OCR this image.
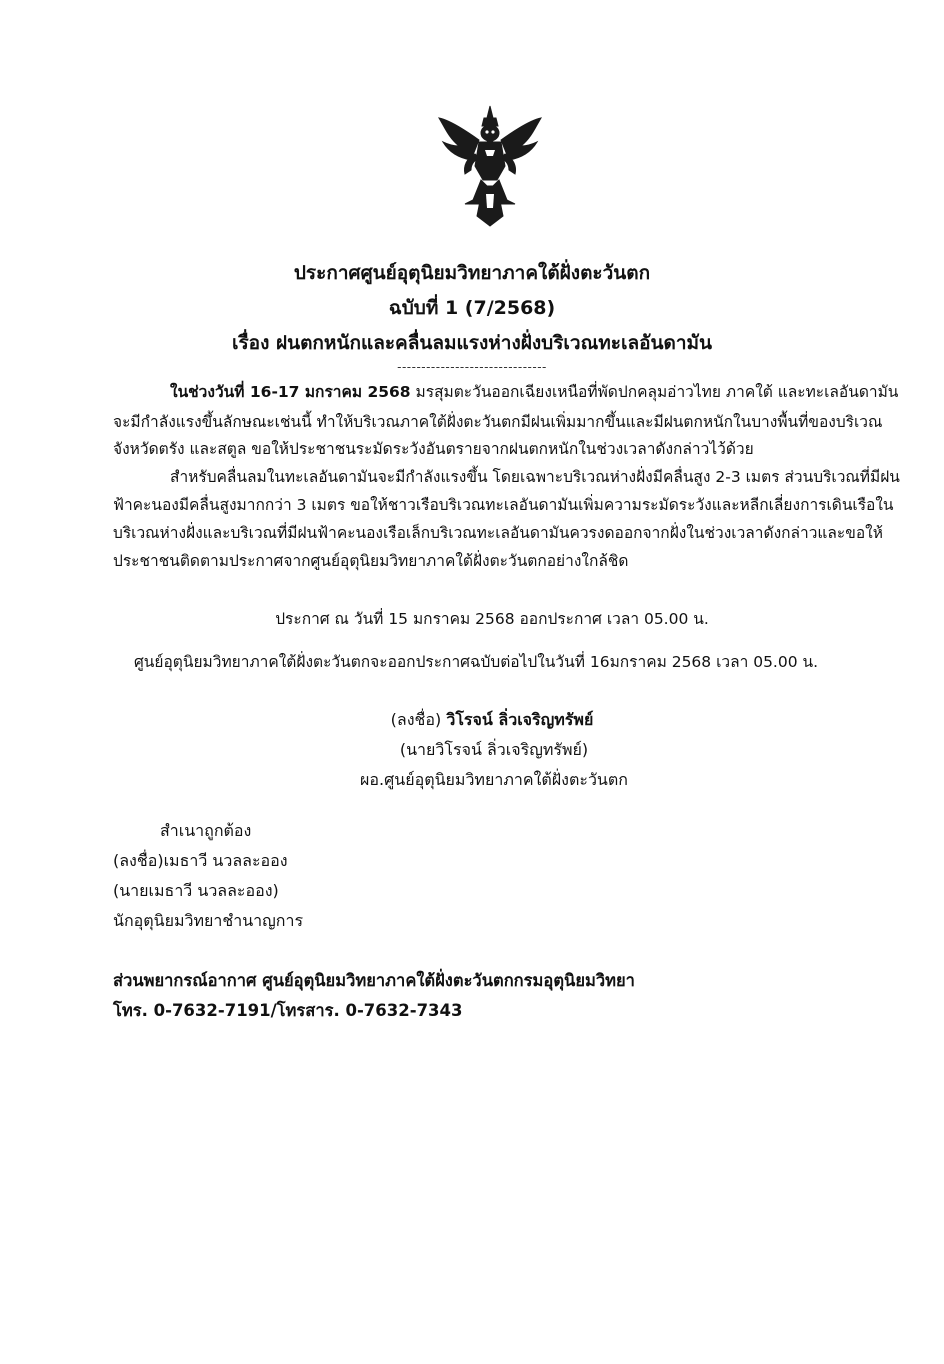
ประกาศศูนย์อุตุนิยมวิทยาภาคใต้ฝั่งตะวันตก
ฉบับที่ 1 (7/2568)
เรื่อง ฝนตกหนักและคลื่นลมแรงห่างฝั่งบริเวณทะเลอันดามัน
-------------------------------
ในช่วงวันที่ 16-17 มกราคม 2568 มรสุมตะวันออกเฉียงเหนือที่พัดปกคลุมอ่าวไทย ภาคใต้ และทะเลอันดามัน
จะมีกำลังแรงขึ้นลักษณะเช่นนี้ ทำให้บริเวณภาคใต้ฝั่งตะวันตกมีฝนเพิ่มมากขึ้นและมีฝนตกหนักในบางพื้นที่ของบริเวณ
จังหวัดตรัง และสตูล ขอให้ประชาชนระมัดระวังอันตรายจากฝนตกหนักในช่วงเวลาดังกล่าวไว้ด้วย
สำหรับคลื่นลมในทะเลอันดามันจะมีกำลังแรงขึ้น โดยเฉพาะบริเวณห่างฝั่งมีคลื่นสูง 2-3 เมตร ส่วนบริเวณที่มีฝน
ฟ้าคะนองมีคลื่นสูงมากกว่า 3 เมตร ขอให้ชาวเรือบริเวณทะเลอันดามันเพิ่มความระมัดระวังและหลีกเลี่ยงการเดินเรือใน
บริเวณห่างฝั่งและบริเวณที่มีฝนฟ้าคะนองเรือเล็กบริเวณทะเลอันดามันควรงดออกจากฝั่งในช่วงเวลาดังกล่าวและขอให้
ประชาชนติดตามประกาศจากศูนย์อุตุนิยมวิทยาภาคใต้ฝั่งตะวันตกอย่างใกล้ชิด
ประกาศ ณ วันที่ 15 มกราคม 2568 ออกประกาศ เวลา 05.00 น.
ศูนย์อุตุนิยมวิทยาภาคใต้ฝั่งตะวันตกจะออกประกาศฉบับต่อไปในวันที่ 16มกราคม 2568 เวลา 05.00 น.
(ลงชื่อ) วิโรจน์ ลิ่วเจริญทรัพย์
(นายวิโรจน์ ลิ่วเจริญทรัพย์)
ผอ.ศูนย์อุตุนิยมวิทยาภาคใต้ฝั่งตะวันตก
สำเนาถูกต้อง
(ลงชื่อ)เมธาวี นวลละออง
(นายเมธาวี นวลละออง)
นักอุตุนิยมวิทยาชำนาญการ
ส่วนพยากรณ์อากาศ ศูนย์อุตุนิยมวิทยาภาคใต้ฝั่งตะวันตกกรมอุตุนิยมวิทยา
โทร. 0-7632-7191/โทรสาร. 0-7632-7343
